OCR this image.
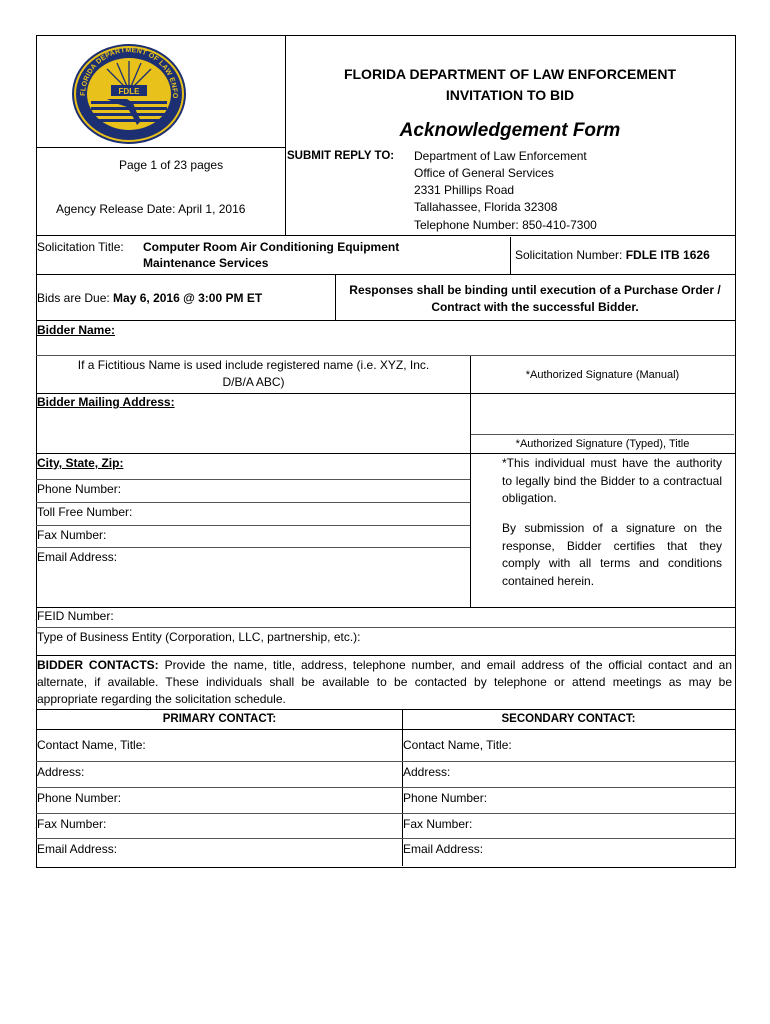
FLORIDA DEPARTMENT OF LAW ENFO
FDLE
FLORIDA DEPARTMENT OF LAW ENFORCEMENT
INVITATION TO BID
Acknowledgement Form
Page 1 of 23 pages
Agency Release Date: April 1, 2016
SUBMIT REPLY TO: Department of Law Enforcement
Office of General Services
2331 Phillips Road
Tallahassee, Florida 32308
Telephone Number: 850-410-7300
Solicitation Title: Computer Room Air Conditioning Equipment
Maintenance Services
Solicitation Number: FDLE ITB 1626
Bids are Due: May 6, 2016 @ 3:00 PM ET
Responses shall be binding until execution of a Purchase Order /
Contract with the successful Bidder.
Bidder Name:
If a Fictitious Name is used include registered name (i.e. XYZ, Inc.
D/B/A ABC)	*Authorized Signature (Manual)
Bidder Mailing Address:
*Authorized Signature (Typed), Title
City, State, Zip:
Phone Number:
Toll Free Number:
Fax Number:
Email Address:
*This individual must have the authority to legally bind the Bidder to a contractual obligation.
By submission of a signature on the response, Bidder certifies that they comply with all terms and conditions contained herein.
FEID Number:
Type of Business Entity (Corporation, LLC, partnership, etc.):
BIDDER CONTACTS: Provide the name, title, address, telephone number, and email address of the official contact and an
alternate, if available. These individuals shall be available to be contacted by telephone or attend meetings as may be
appropriate regarding the solicitation schedule.
PRIMARY CONTACT:	SECONDARY CONTACT:
Contact Name, Title:	Contact Name, Title:
Address:	Address:
Phone Number:	Phone Number:
Fax Number:	Fax Number:
Email Address:	Email Address:
